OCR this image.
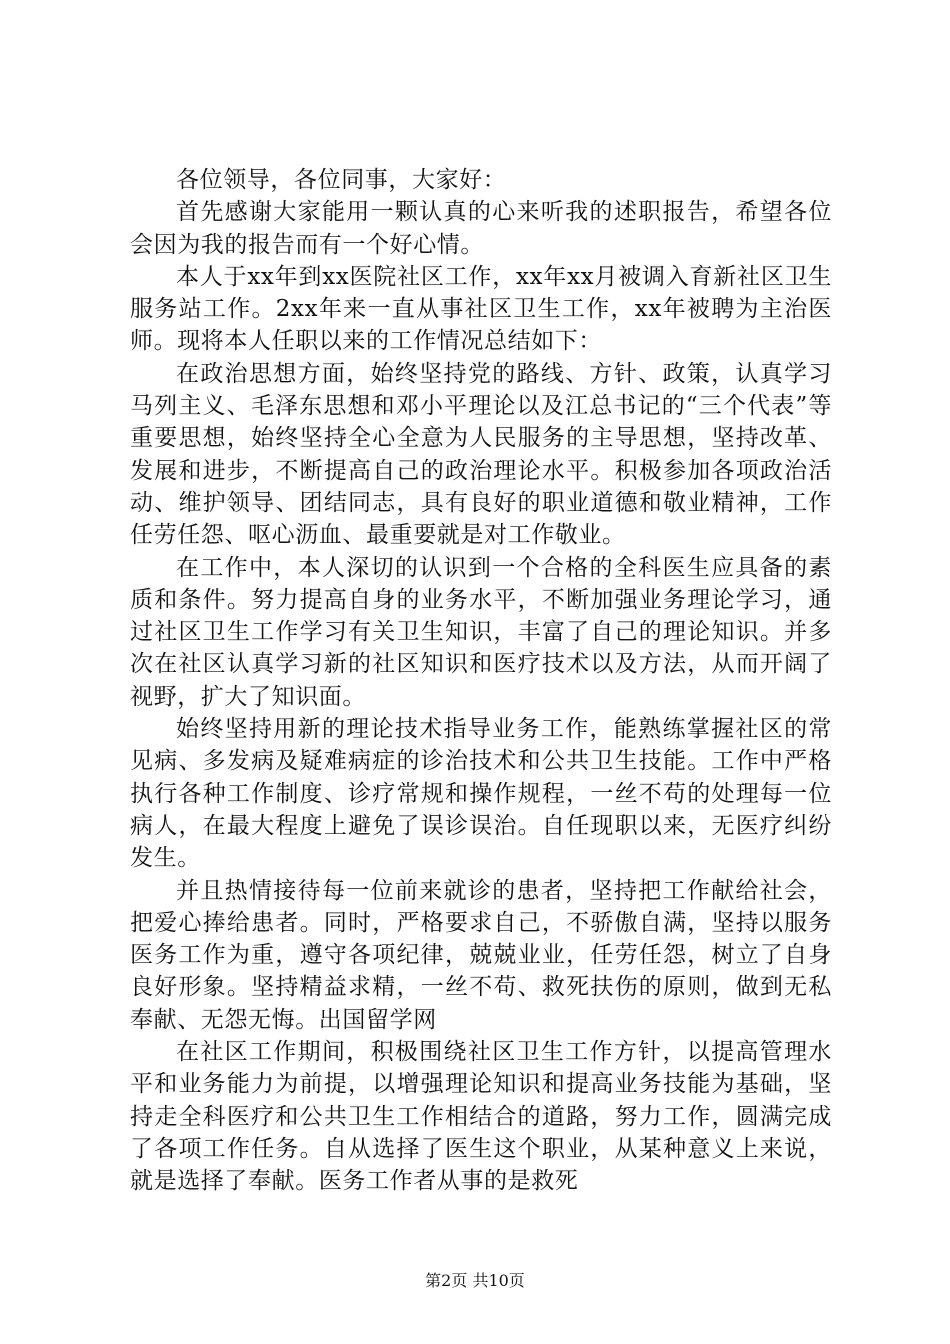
各位领导，各位同事，大家好：

首先感谢大家能用一颗认真的心来听我的述职报告，希望各位会因为我的报告而有一个好心情。

本人于xx年到xx医院社区工作，xx年xx月被调入育新社区卫生服务站工作。2xx年来一直从事社区卫生工作，xx年被聘为主治医师。现将本人任职以来的工作情况总结如下：

在政治思想方面，始终坚持党的路线、方针、政策，认真学习马列主义、毛泽东思想和邓小平理论以及江总书记的“三个代表”等重要思想，始终坚持全心全意为人民服务的主导思想，坚持改革、发展和进步，不断提高自己的政治理论水平。积极参加各项政治活动、维护领导、团结同志，具有良好的职业道德和敬业精神，工作任劳任怨、呕心沥血、最重要就是对工作敬业。

在工作中，本人深切的认识到一个合格的全科医生应具备的素质和条件。努力提高自身的业务水平，不断加强业务理论学习，通过社区卫生工作学习有关卫生知识，丰富了自己的理论知识。并多次在社区认真学习新的社区知识和医疗技术以及方法，从而开阔了视野，扩大了知识面。

始终坚持用新的理论技术指导业务工作，能熟练掌握社区的常见病、多发病及疑难病症的诊治技术和公共卫生技能。工作中严格执行各种工作制度、诊疗常规和操作规程，一丝不苟的处理每一位病人，在最大程度上避免了误诊误治。自任现职以来，无医疗纠纷发生。

并且热情接待每一位前来就诊的患者，坚持把工作献给社会，把爱心捧给患者。同时，严格要求自己，不骄傲自满，坚持以服务医务工作为重，遵守各项纪律，兢兢业业，任劳任怨，树立了自身良好形象。坚持精益求精，一丝不苟、救死扶伤的原则，做到无私奉献、无怨无悔。出国留学网

在社区工作期间，积极围绕社区卫生工作方针，以提高管理水平和业务能力为前提，以增强理论知识和提高业务技能为基础，坚持走全科医疗和公共卫生工作相结合的道路，努力工作，圆满完成了各项工作任务。自从选择了医生这个职业，从某种意义上来说，就是选择了奉献。医务工作者从事的是救死

第2页 共10页
